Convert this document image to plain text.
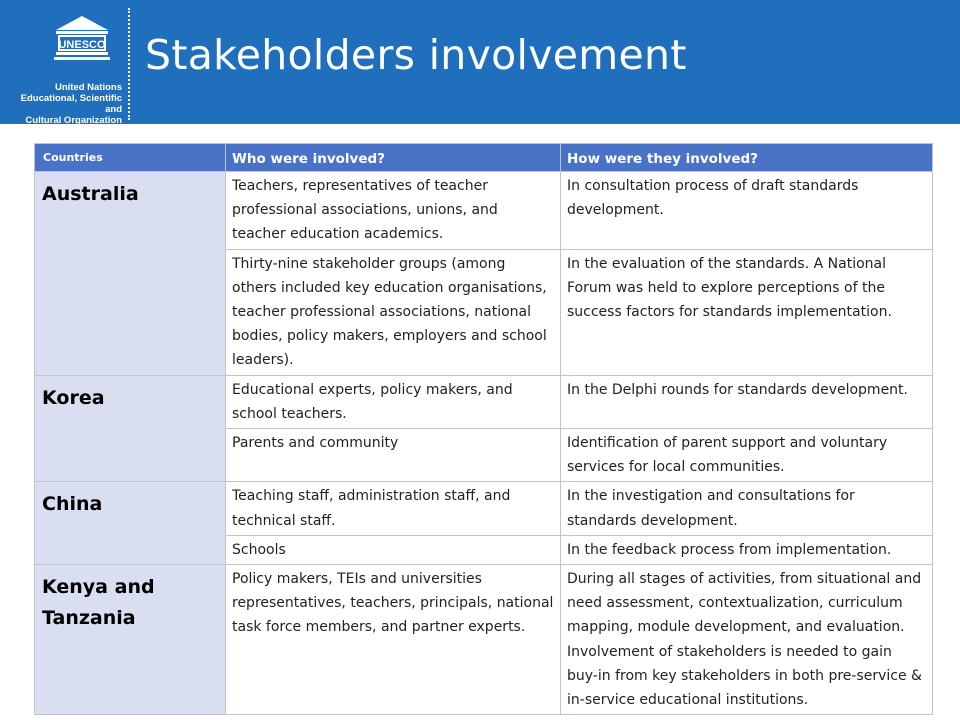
UNESCO
United Nations
Educational, Scientific and
Cultural Organization
Stakeholders involvement
Countries	Who were involved?	How were they involved?
Australia	Teachers, representatives of teacher professional associations, unions, and teacher education academics.	In consultation process of draft standards development.
	Thirty-nine stakeholder groups (among others included key education organisations, teacher professional associations, national bodies, policy makers, employers and school leaders).	In the evaluation of the standards. A National Forum was held to explore perceptions of the success factors for standards implementation.
Korea	Educational experts, policy makers, and school teachers.	In the Delphi rounds for standards development.
	Parents and community	Identification of parent support and voluntary services for local communities.
China	Teaching staff, administration staff, and technical staff.	In the investigation and consultations for standards development.
	Schools	In the feedback process from implementation.
Kenya and Tanzania	Policy makers, TEIs and universities representatives, teachers, principals, national task force members, and partner experts.	During all stages of activities, from situational and need assessment, contextualization, curriculum mapping, module development, and evaluation.
Involvement of stakeholders is needed to gain buy-in from key stakeholders in both pre-service & in-service educational institutions.
